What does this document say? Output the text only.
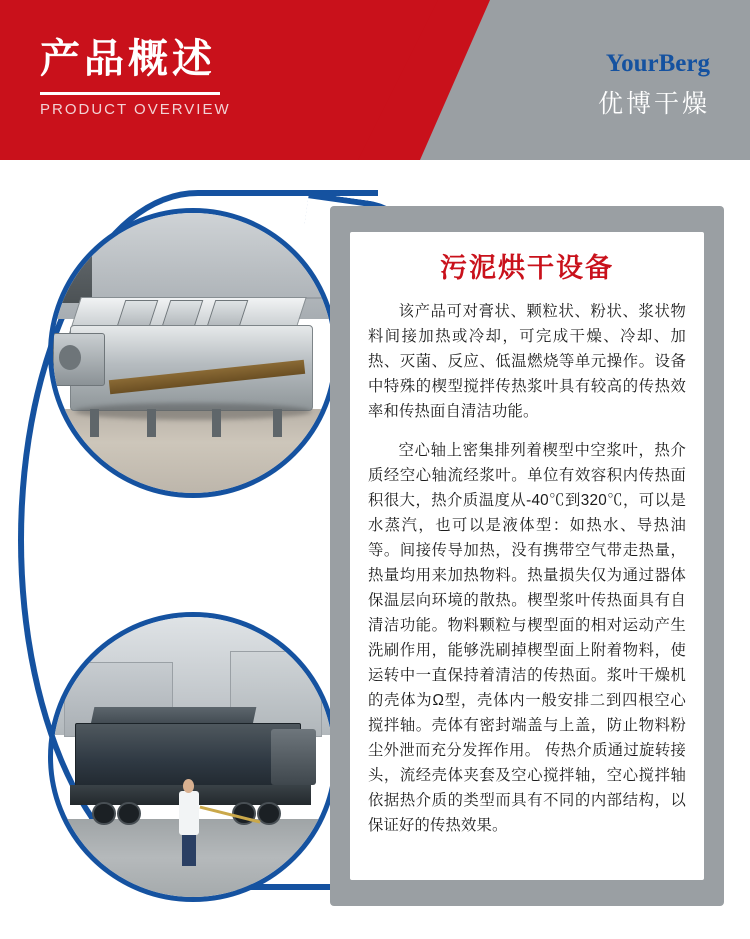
产品概述
PRODUCT OVERVIEW
YourBerg
优博干燥
污泥烘干设备

该产品可对膏状、颗粒状、粉状、浆状物料间接加热或冷却，可完成干燥、冷却、加热、灭菌、反应、低温燃烧等单元操作。设备中特殊的楔型搅拌传热浆叶具有较高的传热效率和传热面自清洁功能。

空心轴上密集排列着楔型中空浆叶，热介质经空心轴流经浆叶。单位有效容积内传热面积很大，热介质温度从-40℃到320℃，可以是水蒸汽，也可以是液体型：如热水、导热油等。间接传导加热，没有携带空气带走热量，热量均用来加热物料。热量损失仅为通过器体保温层向环境的散热。楔型浆叶传热面具有自清洁功能。物料颗粒与楔型面的相对运动产生洗刷作用，能够洗刷掉楔型面上附着物料，使运转中一直保持着清洁的传热面。浆叶干燥机的壳体为Ω型，壳体内一般安排二到四根空心搅拌轴。壳体有密封端盖与上盖，防止物料粉尘外泄而充分发挥作用。 传热介质通过旋转接头，流经壳体夹套及空心搅拌轴，空心搅拌轴依据热介质的类型而具有不同的内部结构，以保证好的传热效果。
